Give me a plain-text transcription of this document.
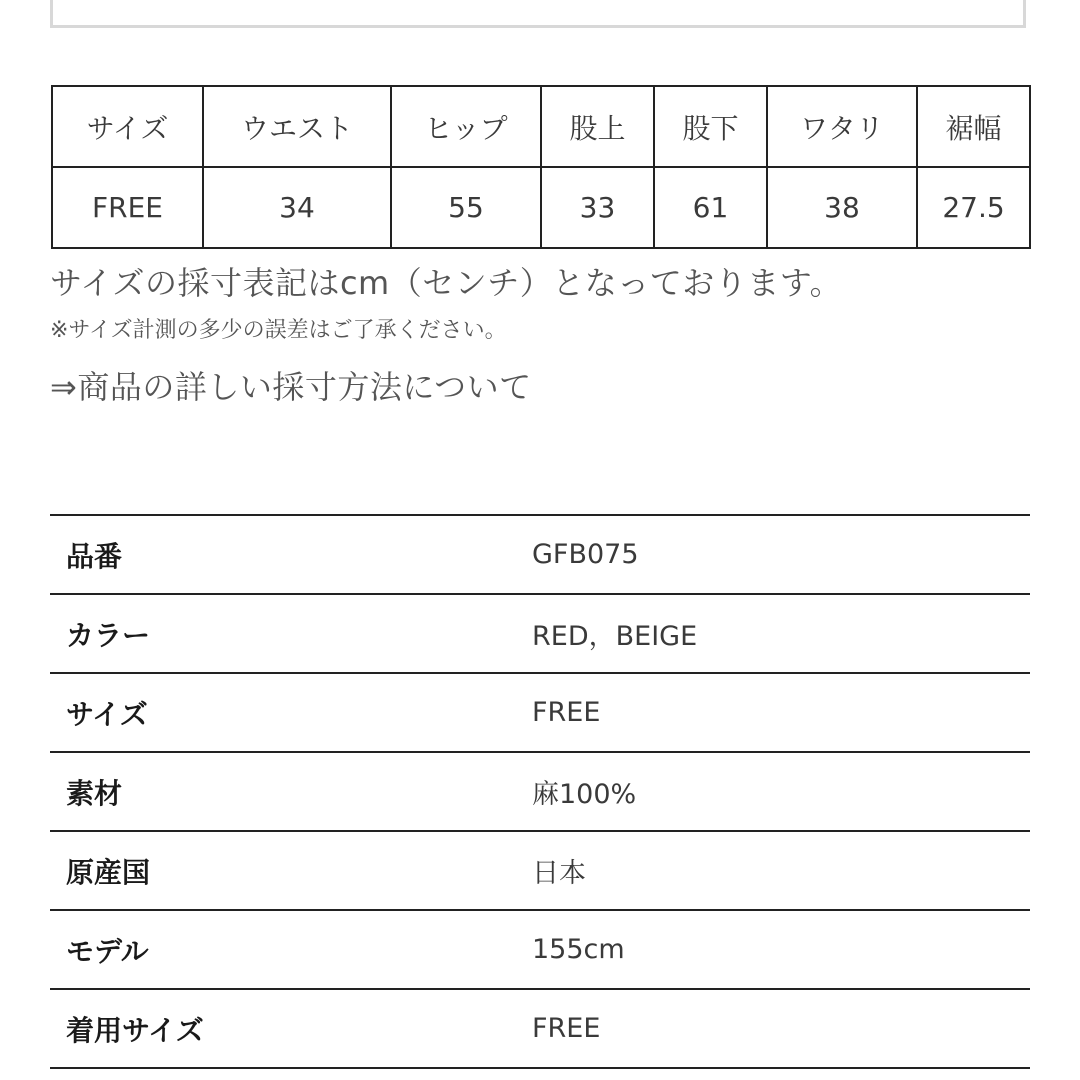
サイズ	ウエスト	ヒップ	股上	股下	ワタリ	裾幅
FREE	34	55	33	61	38	27.5
サイズの採寸表記はcm（センチ）となっております。
※サイズ計測の多少の誤差はご了承ください。
⇒商品の詳しい採寸方法について
品番	GFB075
カラー	RED，BEIGE
サイズ	FREE
素材	麻100%
原産国	日本
モデル	155cm
着用サイズ	FREE
